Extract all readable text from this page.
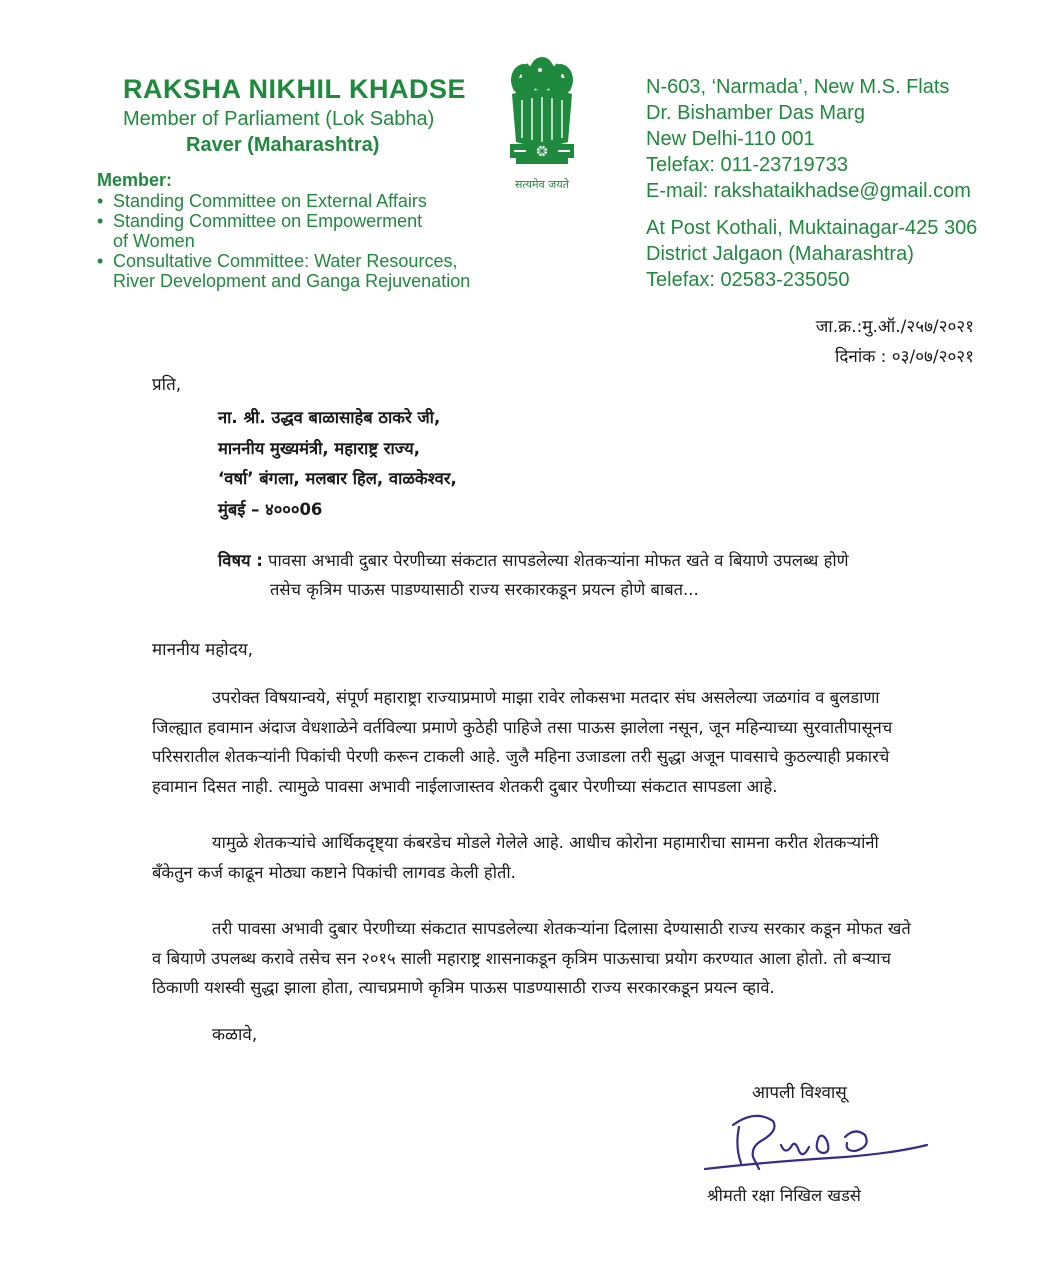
RAKSHA NIKHIL KHADSE
Member of Parliament (Lok Sabha)
Raver (Maharashtra)
Member:
• Standing Committee on External Affairs
• Standing Committee on Empowerment
of Women
• Consultative Committee: Water Resources,
River Development and Ganga Rejuvenation
सत्यमेव जयते
N-603, ‘Narmada’, New M.S. Flats
Dr. Bishamber Das Marg
New Delhi-110 001
Telefax: 011-23719733
E-mail: rakshataikhadse@gmail.com
At Post Kothali, Muktainagar-425 306
District Jalgaon (Maharashtra)
Telefax: 02583-235050
जा.क्र.:मु.ऑ./२५७/२०२१
दिनांक : ०३/०७/२०२१
प्रति,
ना. श्री. उद्धव बाळासाहेब ठाकरे जी,
माननीय मुख्यमंत्री, महाराष्ट्र राज्य,
‘वर्षा’ बंगला, मलबार हिल, वाळकेश्वर,
मुंबई – ४०००06
विषय : पावसा अभावी दुबार पेरणीच्या संकटात सापडलेल्या शेतकऱ्यांना मोफत खते व बियाणे उपलब्ध होणे
तसेच कृत्रिम पाऊस पाडण्यासाठी राज्य सरकारकडून प्रयत्न होणे बाबत...
माननीय महोदय,
उपरोक्त विषयान्वये, संपूर्ण महाराष्ट्रा राज्याप्रमाणे माझा रावेर लोकसभा मतदार संघ असलेल्या जळगांव व बुलडाणा
जिल्ह्यात हवामान अंदाज वेधशाळेने वर्तविल्या प्रमाणे कुठेही पाहिजे तसा पाऊस झालेला नसून, जून महिन्याच्या सुरवातीपासूनच
परिसरातील शेतकऱ्यांनी पिकांची पेरणी करून टाकली आहे. जुलै महिना उजाडला तरी सुद्धा अजून पावसाचे कुठल्याही प्रकारचे
हवामान दिसत नाही. त्यामुळे पावसा अभावी नाईलाजास्तव शेतकरी दुबार पेरणीच्या संकटात सापडला आहे.
यामुळे शेतकऱ्यांचे आर्थिकदृष्ट्या कंबरडेच मोडले गेलेले आहे. आधीच कोरोना महामारीचा सामना करीत शेतकऱ्यांनी
बँकेतुन कर्ज काढून मोठ्या कष्टाने पिकांची लागवड केली होती.
तरी पावसा अभावी दुबार पेरणीच्या संकटात सापडलेल्या शेतकऱ्यांना दिलासा देण्यासाठी राज्य सरकार कडून मोफत खते
व बियाणे उपलब्ध करावे तसेच सन २०१५ साली महाराष्ट्र शासनाकडून कृत्रिम पाऊसाचा प्रयोग करण्यात आला होतो. तो बऱ्याच
ठिकाणी यशस्वी सुद्धा झाला होता, त्याचप्रमाणे कृत्रिम पाऊस पाडण्यासाठी राज्य सरकारकडून प्रयत्न व्हावे.
कळावे,
आपली विश्वासू
श्रीमती रक्षा निखिल खडसे
